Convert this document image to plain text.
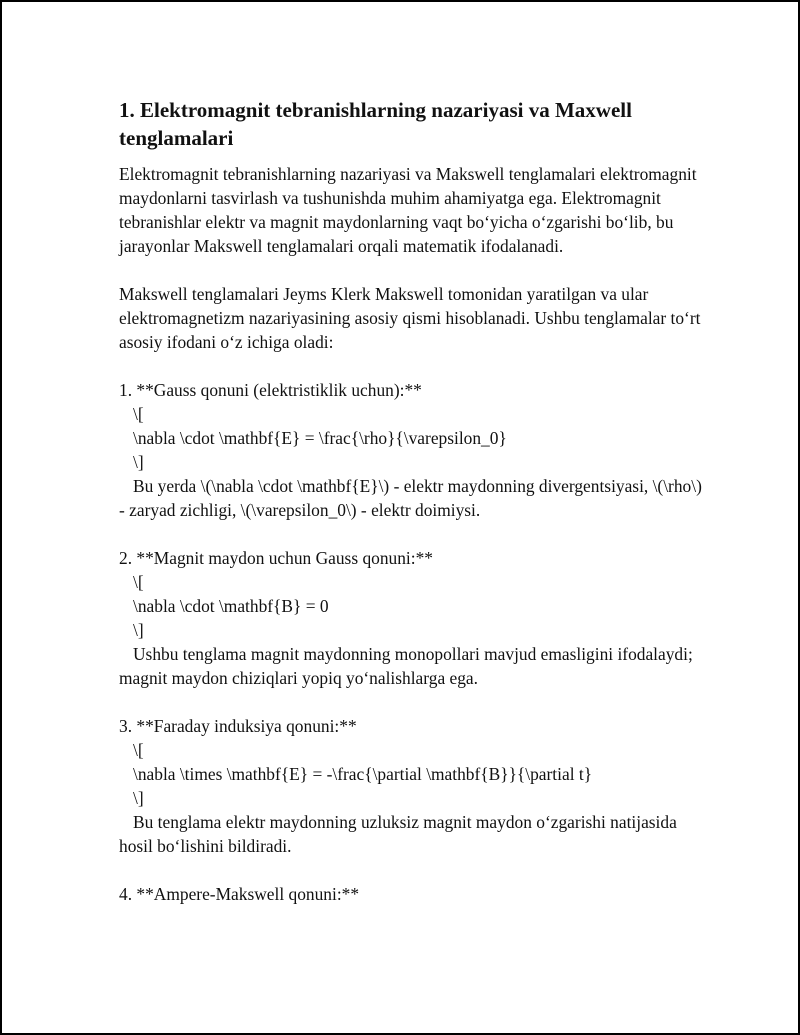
1. Elektromagnit tebranishlarning nazariyasi va Maxwell tenglamalari

Elektromagnit tebranishlarning nazariyasi va Makswell tenglamalari elektromagnit maydonlarni tasvirlash va tushunishda muhim ahamiyatga ega. Elektromagnit tebranishlar elektr va magnit maydonlarning vaqt bo‘yicha o‘zgarishi bo‘lib, bu jarayonlar Makswell tenglamalari orqali matematik ifodalanadi.

Makswell tenglamalari Jeyms Klerk Makswell tomonidan yaratilgan va ular elektromagnetizm nazariyasining asosiy qismi hisoblanadi. Ushbu tenglamalar to‘rt asosiy ifodani o‘z ichiga oladi:

1. **Gauss qonuni (elektristiklik uchun):**

\[

\nabla \cdot \mathbf{E} = \frac{\rho}{\varepsilon_0}

\]

Bu yerda \(\nabla \cdot \mathbf{E}\) - elektr maydonning divergentsiyasi, \(\rho\) - zaryad zichligi, \(\varepsilon_0\) - elektr doimiysi.

2. **Magnit maydon uchun Gauss qonuni:**

\[

\nabla \cdot \mathbf{B} = 0

\]

Ushbu tenglama magnit maydonning monopollari mavjud emasligini ifodalaydi; magnit maydon chiziqlari yopiq yo‘nalishlarga ega.

3. **Faraday induksiya qonuni:**

\[

\nabla \times \mathbf{E} = -\frac{\partial \mathbf{B}}{\partial t}

\]

Bu tenglama elektr maydonning uzluksiz magnit maydon o‘zgarishi natijasida hosil bo‘lishini bildiradi.

4. **Ampere-Makswell qonuni:**
